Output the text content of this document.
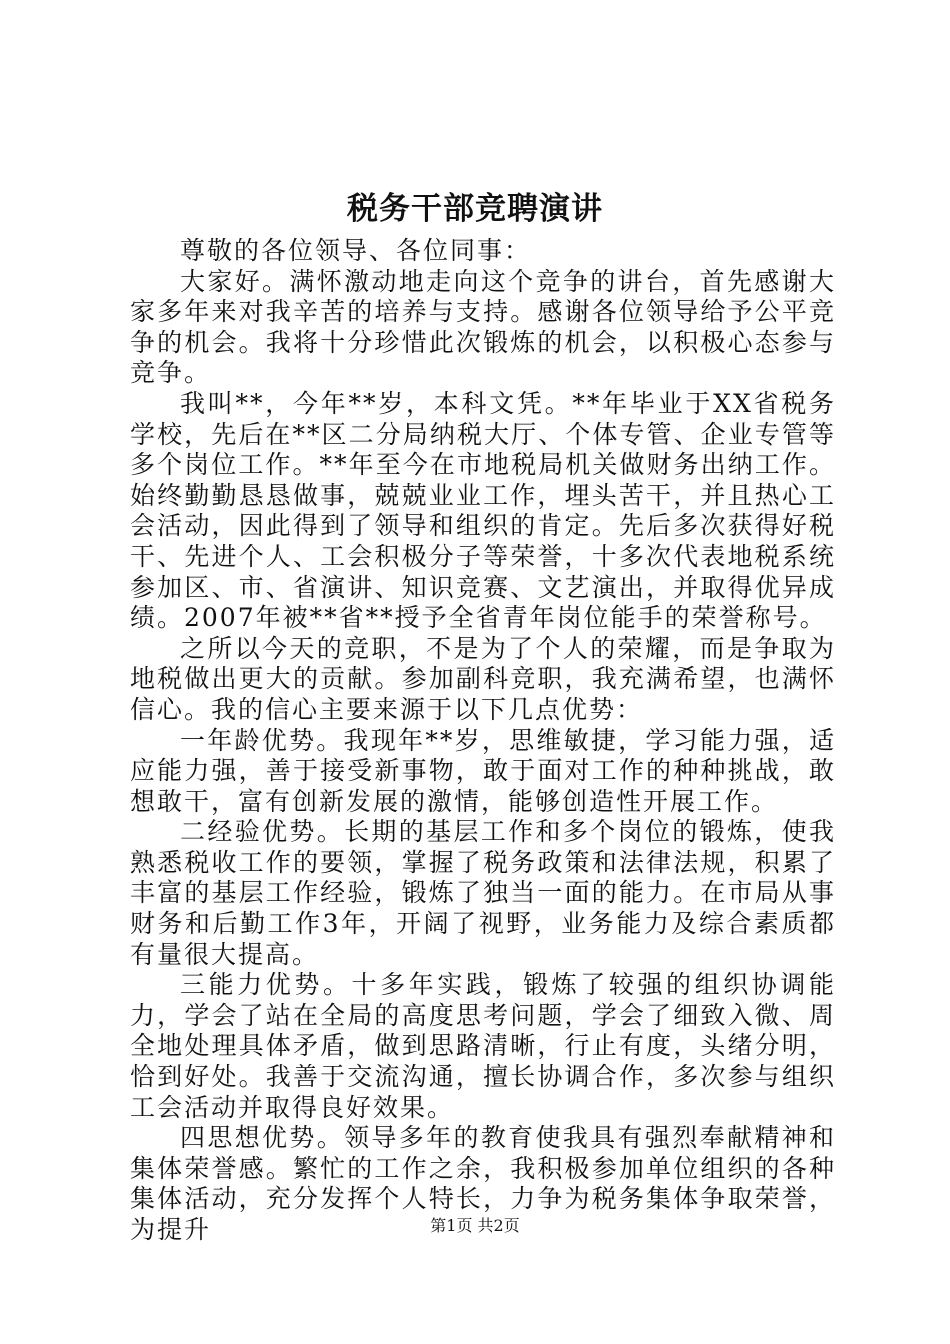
税务干部竞聘演讲

尊敬的各位领导、各位同事：

大家好。满怀激动地走向这个竞争的讲台，首先感谢大家多年来对我辛苦的培养与支持。感谢各位领导给予公平竞争的机会。我将十分珍惜此次锻炼的机会，以积极心态参与竞争。

我叫**，今年**岁，本科文凭。**年毕业于XX省税务学校，先后在**区二分局纳税大厅、个体专管、企业专管等多个岗位工作。**年至今在市地税局机关做财务出纳工作。始终勤勤恳恳做事，兢兢业业工作，埋头苦干，并且热心工会活动，因此得到了领导和组织的肯定。先后多次获得好税干、先进个人、工会积极分子等荣誉，十多次代表地税系统参加区、市、省演讲、知识竞赛、文艺演出，并取得优异成绩。2007年被**省**授予全省青年岗位能手的荣誉称号。

之所以今天的竞职，不是为了个人的荣耀，而是争取为地税做出更大的贡献。参加副科竞职，我充满希望，也满怀信心。我的信心主要来源于以下几点优势：

一年龄优势。我现年**岁，思维敏捷，学习能力强，适应能力强，善于接受新事物，敢于面对工作的种种挑战，敢想敢干，富有创新发展的激情，能够创造性开展工作。

二经验优势。长期的基层工作和多个岗位的锻炼，使我熟悉税收工作的要领，掌握了税务政策和法律法规，积累了丰富的基层工作经验，锻炼了独当一面的能力。在市局从事财务和后勤工作3年，开阔了视野，业务能力及综合素质都有量很大提高。

三能力优势。十多年实践，锻炼了较强的组织协调能力，学会了站在全局的高度思考问题，学会了细致入微、周全地处理具体矛盾，做到思路清晰，行止有度，头绪分明，恰到好处。我善于交流沟通，擅长协调合作，多次参与组织工会活动并取得良好效果。

四思想优势。领导多年的教育使我具有强烈奉献精神和集体荣誉感。繁忙的工作之余，我积极参加单位组织的各种集体活动，充分发挥个人特长，力争为税务集体争取荣誉，为提升	第1页 共2页
